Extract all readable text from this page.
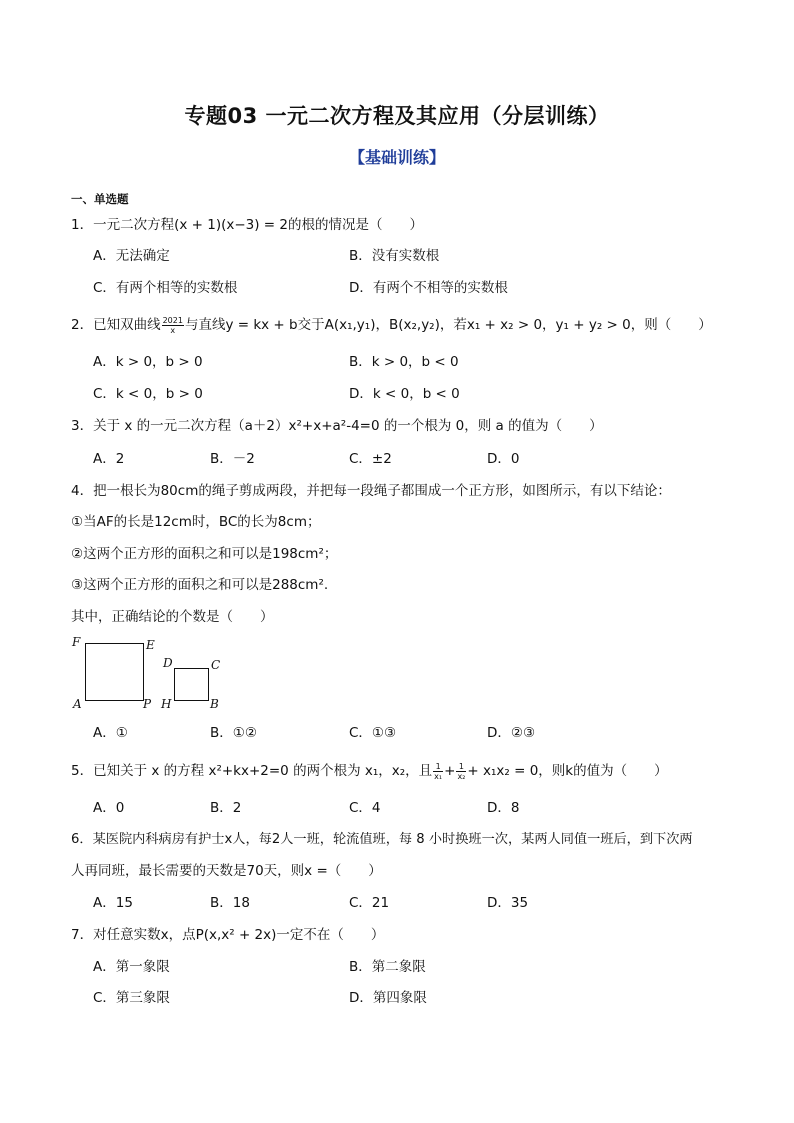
专题03 一元二次方程及其应用（分层训练）
【基础训练】
一、单选题
1．一元二次方程(x + 1)(x−3) = 2的根的情况是（　　）
A．无法确定	B．没有实数根
C．有两个相等的实数根	D．有两个不相等的实数根
2．已知双曲线 $\frac{2021}{x}$ 与直线y = kx + b交于A(x₁,y₁)，B(x₂,y₂)，若x₁ + x₂ > 0，y₁ + y₂ > 0，则（　　）
A．k > 0，b > 0	B．k > 0，b < 0
C．k < 0，b > 0	D．k < 0，b < 0
3．关于 x 的一元二次方程（a＋2）x²+x+a²-4=0 的一个根为 0，则 a 的值为（　　）
A．2	B．－2	C．±2	D．0
4．把一根长为80cm的绳子剪成两段，并把每一段绳子都围成一个正方形，如图所示，有以下结论：
①当AF的长是12cm时，BC的长为8cm；
②这两个正方形的面积之和可以是198cm²；
③这两个正方形的面积之和可以是288cm².
其中，正确结论的个数是（　　）
F	E
A	P
D	C
H	B
A．①	B．①②	C．①③	D．②③
5．已知关于 x 的方程 x²+kx+2=0 的两个根为 x₁，x₂，且 $\frac{1}{\text{x₁}} + \frac{1}{\text{x₂}} + x_1x_2 = 0$，则k的值为（　　）
A．0	B．2	C．4	D．8
6．某医院内科病房有护士x人，每2人一班，轮流值班，每 8 小时换班一次，某两人同值一班后，到下次两
人再同班，最长需要的天数是70天，则x =（　　）
A．15	B．18	C．21	D．35
7．对任意实数x，点P(x,x² + 2x)一定不在（　　）
A．第一象限	B．第二象限
C．第三象限	D．第四象限
